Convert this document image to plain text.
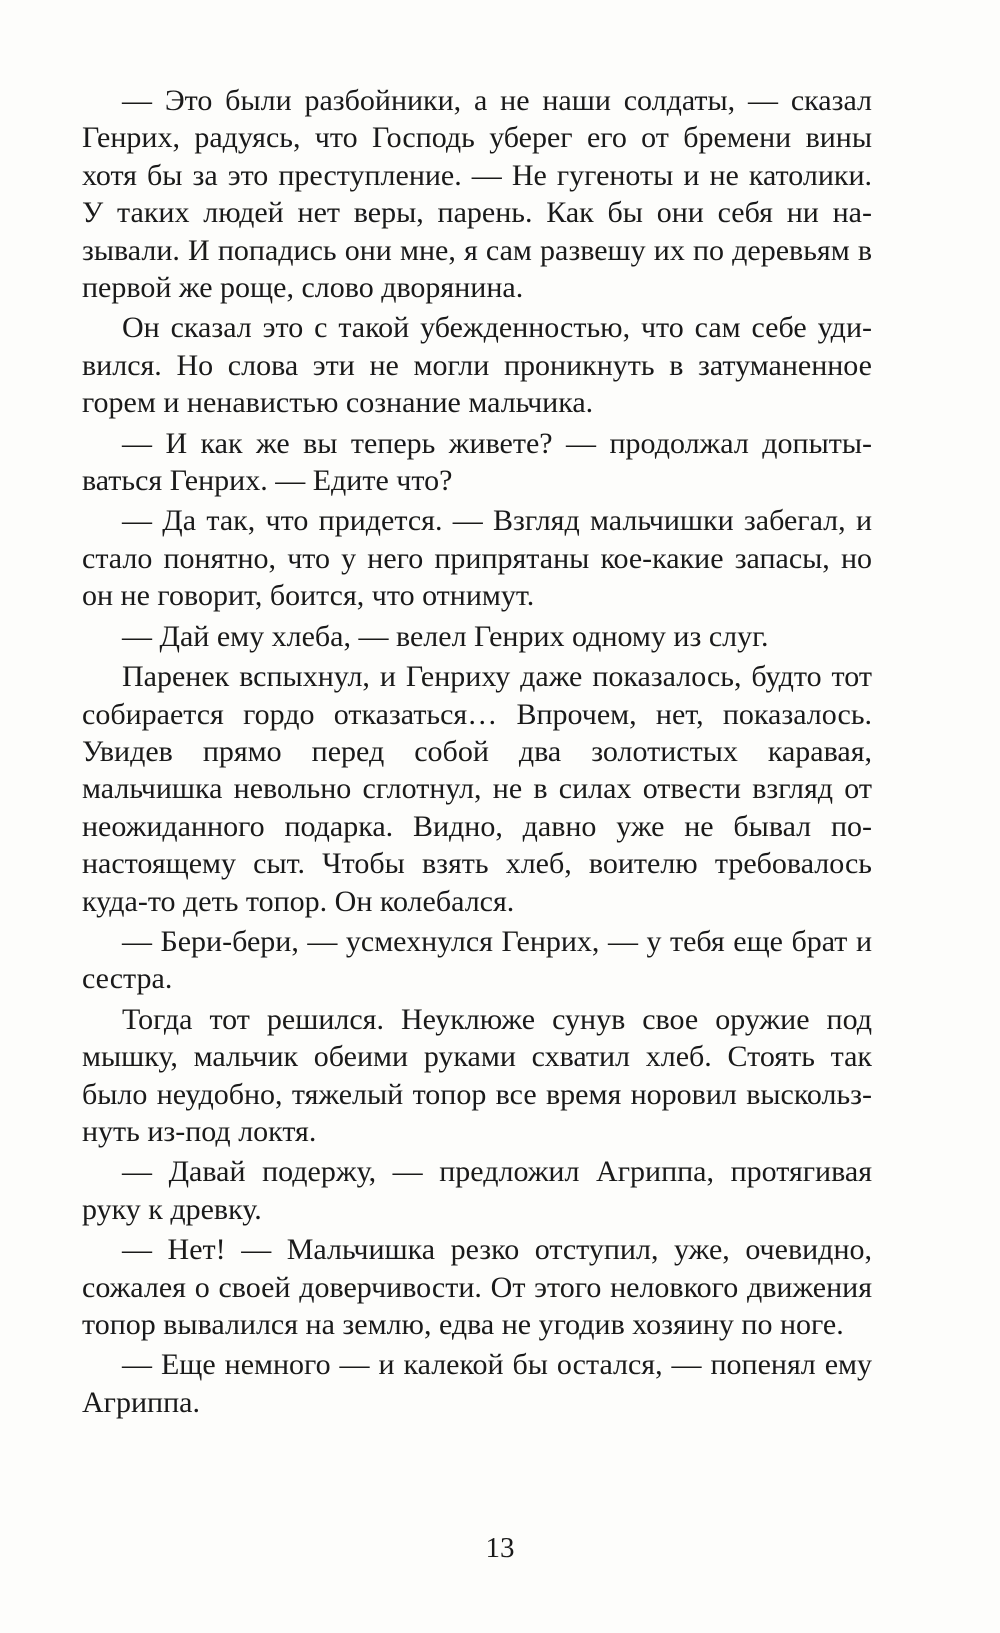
— Это были разбойники, а не наши солдаты, — сказал Генрих, радуясь, что Господь уберег его от бремени вины хотя бы за это преступление. — Не гугеноты и не католики. У таких людей нет веры, парень. Как бы они себя ни называли. И попадись они мне, я сам развешу их по деревьям в первой же роще, слово дворянина.

Он сказал это с такой убежденностью, что сам себе удивился. Но слова эти не могли проникнуть в затуманенное горем и ненавистью сознание мальчика.

— И как же вы теперь живете? — продолжал допытываться Генрих. — Едите что?

— Да так, что придется. — Взгляд мальчишки забегал, и стало понятно, что у него припрятаны кое-какие запасы, но он не говорит, боится, что отнимут.

— Дай ему хлеба, — велел Генрих одному из слуг.

Паренек вспыхнул, и Генриху даже показалось, будто тот собирается гордо отказаться… Впрочем, нет, показалось. Увидев прямо перед собой два золотистых каравая, мальчишка невольно сглотнул, не в силах отвести взгляд от неожиданного подарка. Видно, давно уже не бывал по-настоящему сыт. Чтобы взять хлеб, воителю требовалось куда-то деть топор. Он колебался.

— Бери-бери, — усмехнулся Генрих, — у тебя еще брат и сестра.

Тогда тот решился. Неуклюже сунув свое оружие под мышку, мальчик обеими руками схватил хлеб. Стоять так было неудобно, тяжелый топор все время норовил выскользнуть из-под локтя.

— Давай подержу, — предложил Агриппа, протягивая руку к древку.

— Нет! — Мальчишка резко отступил, уже, очевидно, сожалея о своей доверчивости. От этого неловкого движения топор вывалился на землю, едва не угодив хозяину по ноге.

— Еще немного — и калекой бы остался, — попенял ему Агриппа.

13
